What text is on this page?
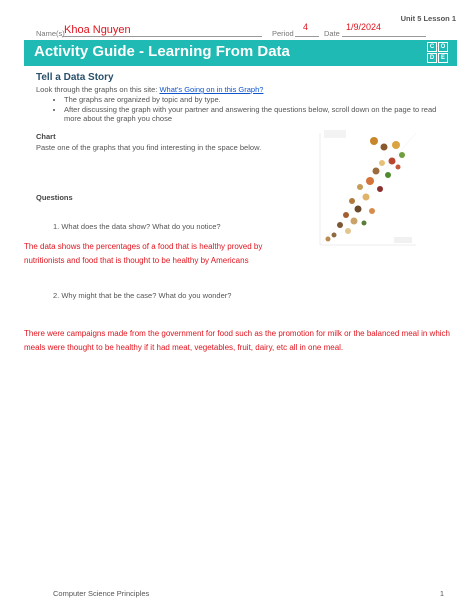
Unit 5 Lesson 1
Name(s) Khoa Nguyen	Period
4
Date
1/9/2024
Activity Guide - Learning From Data	C	O
D	E
Tell a Data Story
Look through the graphs on this site: What's Going on in this Graph?
• The graphs are organized by topic and by type.
• After discussing the graph with your partner and answering the questions below, scroll down on the page to read more about the graph you chose
Chart
Paste one of the graphs that you find interesting in the space below.
Questions
1. What does the data show? What do you notice?
The data shows the percentages of a food that is healthy proved by nutritionists and food that is thought to be healthy by Americans
2. Why might that be the case? What do you wonder?
There were campaigns made from the government for food such as the promotion for milk or the balanced meal in which meals were thought to be healthy if it had meat, vegetables, fruit, dairy, etc all in one meal.
Computer Science Principles	1
